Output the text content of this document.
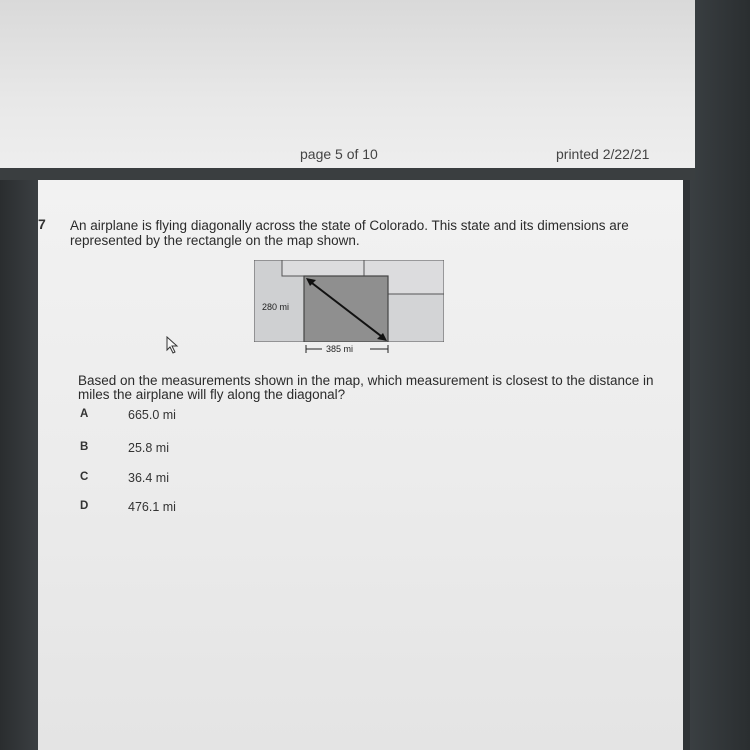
page 5 of 10	printed 2/22/21
7 An airplane is flying diagonally across the state of Colorado. This state and its dimensions are represented by the rectangle on the map shown.
280 mi
385 mi
Based on the measurements shown in the map, which measurement is closest to the distance in miles the airplane will fly along the diagonal?
A	665.0 mi
B	25.8 mi
C	36.4 mi
D	476.1 mi
